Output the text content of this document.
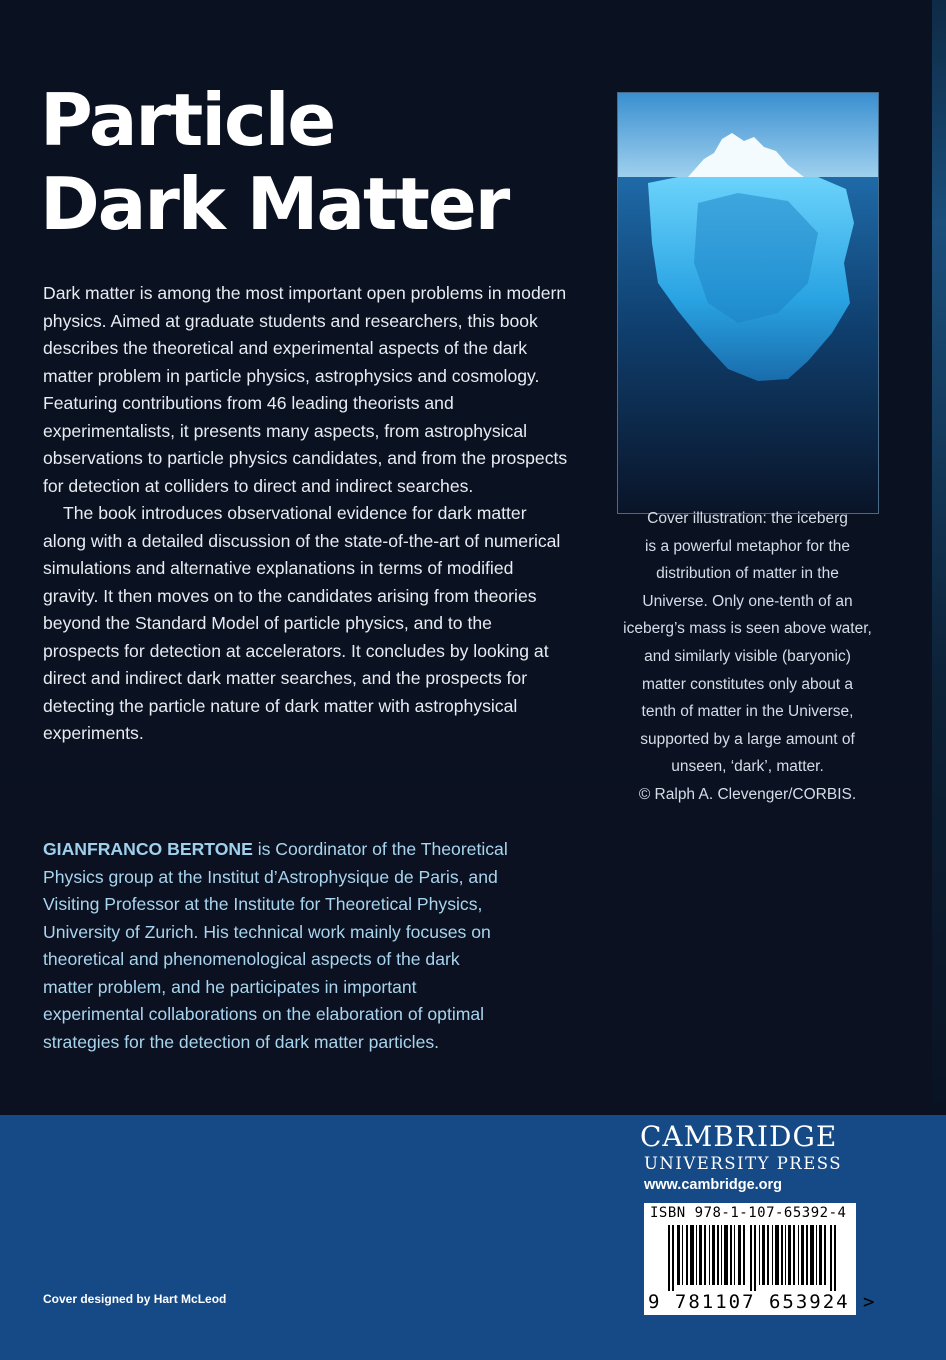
Particle
Dark Matter

Dark matter is among the most important open problems in modern physics. Aimed at graduate students and researchers, this book describes the theoretical and experimental aspects of the dark matter problem in particle physics, astrophysics and cosmology. Featuring contributions from 46 leading theorists and experimentalists, it presents many aspects, from astrophysical observations to particle physics candidates, and from the prospects for detection at colliders to direct and indirect searches.

The book introduces observational evidence for dark matter along with a detailed discussion of the state-of-the-art of numerical simulations and alternative explanations in terms of modified gravity. It then moves on to the candidates arising from theories beyond the Standard Model of particle physics, and to the prospects for detection at accelerators. It concludes by looking at direct and indirect dark matter searches, and the prospects for detecting the particle nature of dark matter with astrophysical experiments.

GIANFRANCO BERTONE is Coordinator of the Theoretical Physics group at the Institut d’Astrophysique de Paris, and Visiting Professor at the Institute for Theoretical Physics, University of Zurich. His technical work mainly focuses on theoretical and phenomenological aspects of the dark matter problem, and he participates in important experimental collaborations on the elaboration of optimal strategies for the detection of dark matter particles.
Cover illustration: the iceberg
is a powerful metaphor for the
distribution of matter in the
Universe. Only one-tenth of an
iceberg’s mass is seen above water,
and similarly visible (baryonic)
matter constitutes only about a
tenth of matter in the Universe,
supported by a large amount of
unseen, ‘dark’, matter.
© Ralph A. Clevenger/CORBIS.
CAMBRIDGE
UNIVERSITY PRESS
www.cambridge.org
ISBN 978-1-107-65392-4
9 781107 653924 >
Cover designed by Hart McLeod
